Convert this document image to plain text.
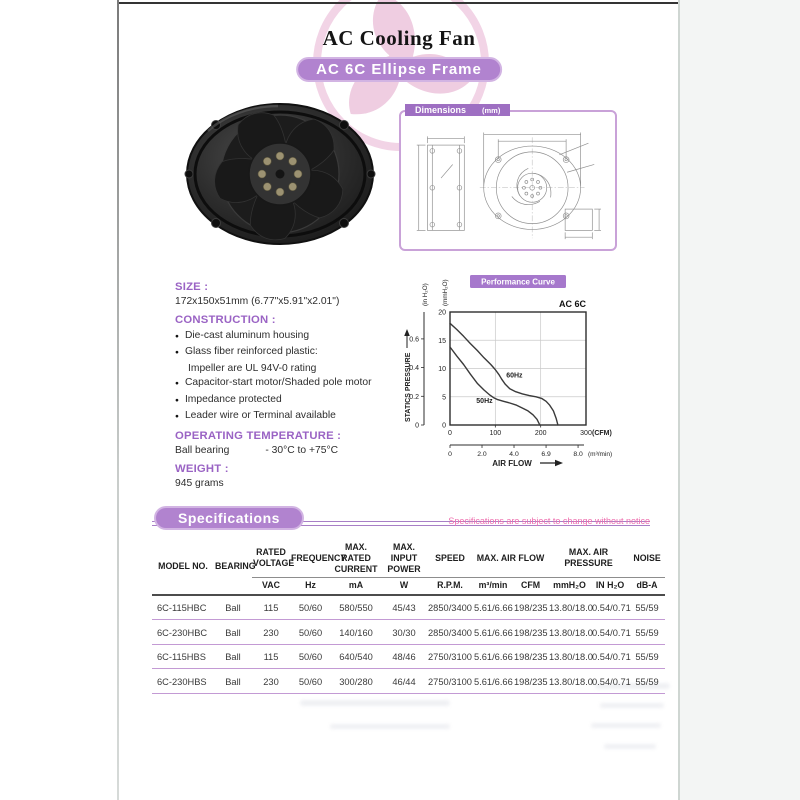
AC Cooling Fan
AC 6C Ellipse Frame
Dimensions (mm)
SIZE :
172x150x51mm (6.77"x5.91"x2.01")
CONSTRUCTION :
● Die-cast aluminum housing
● Glass fiber reinforced plastic:
Impeller are UL 94V-0 rating
● Capacitor-start motor/Shaded pole motor
● Impedance protected
● Leader wire or Terminal available
OPERATING TEMPERATURE :
Ball bearing	- 30°C to +75°C
WEIGHT :
945 grams
0
5
10
15
20
0
0.2
0.4
0.6
0	100	200	300 (CFM)
0	2.0	4.0	6.9	8.0 (m³/min)
60Hz
50Hz
STATICS PRESSURE
(in H₂O) (mmH₂O)
AIR FLOW
Performance Curve
AC 6C
Specifications	Specifications are subject to change without notice
MODEL NO.	BEARING	RATED VOLTAGE	FREQUENCY	MAX. RATED CURRENT	MAX. INPUT POWER	SPEED	MAX. AIR FLOW		MAX. AIR PRESSURE		NOISE
		VAC	Hz	mA	W	R.P.M.	m³/min	CFM	mmH₂O	IN H₂O	dB-A
6C-115HBC	Ball	115	50/60	580/550	45/43	2850/3400	5.61/6.66	198/235	13.80/18.0	0.54/0.71	55/59
6C-230HBC	Ball	230	50/60	140/160	30/30	2850/3400	5.61/6.66	198/235	13.80/18.0	0.54/0.71	55/59
6C-115HBS	Ball	115	50/60	640/540	48/46	2750/3100	5.61/6.66	198/235	13.80/18.0	0.54/0.71	55/59
6C-230HBS	Ball	230	50/60	300/280	46/44	2750/3100	5.61/6.66	198/235	13.80/18.0	0.54/0.71	55/59
